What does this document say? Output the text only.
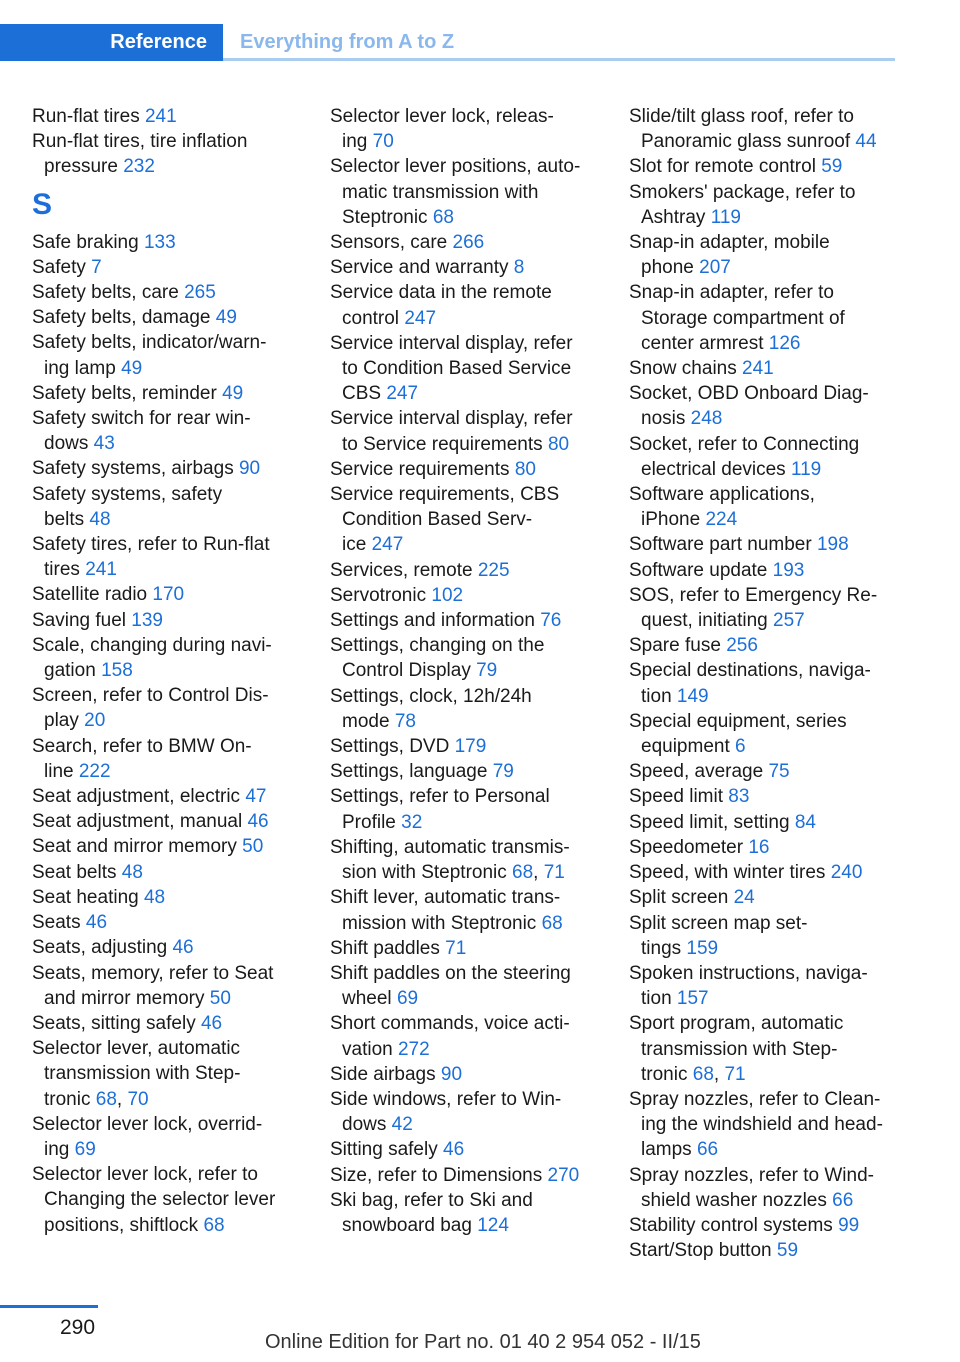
Reference	Everything from A to Z
Run-flat tires 241
Run-flat tires, tire inflation
pressure 232
S
Safe braking 133
Safety 7
Safety belts, care 265
Safety belts, damage 49
Safety belts, indicator/warn-
ing lamp 49
Safety belts, reminder 49
Safety switch for rear win-
dows 43
Safety systems, airbags 90
Safety systems, safety
belts 48
Safety tires, refer to Run-flat
tires 241
Satellite radio 170
Saving fuel 139
Scale, changing during navi-
gation 158
Screen, refer to Control Dis-
play 20
Search, refer to BMW On-
line 222
Seat adjustment, electric 47
Seat adjustment, manual 46
Seat and mirror memory 50
Seat belts 48
Seat heating 48
Seats 46
Seats, adjusting 46
Seats, memory, refer to Seat
and mirror memory 50
Seats, sitting safely 46
Selector lever, automatic
transmission with Step-
tronic 68, 70
Selector lever lock, overrid-
ing 69
Selector lever lock, refer to
Changing the selector lever
positions, shiftlock 68
Selector lever lock, releas-
ing 70
Selector lever positions, auto-
matic transmission with
Steptronic 68
Sensors, care 266
Service and warranty 8
Service data in the remote
control 247
Service interval display, refer
to Condition Based Service
CBS 247
Service interval display, refer
to Service requirements 80
Service requirements 80
Service requirements, CBS
Condition Based Serv-
ice 247
Services, remote 225
Servotronic 102
Settings and information 76
Settings, changing on the
Control Display 79
Settings, clock, 12h/24h
mode 78
Settings, DVD 179
Settings, language 79
Settings, refer to Personal
Profile 32
Shifting, automatic transmis-
sion with Steptronic 68, 71
Shift lever, automatic trans-
mission with Steptronic 68
Shift paddles 71
Shift paddles on the steering
wheel 69
Short commands, voice acti-
vation 272
Side airbags 90
Side windows, refer to Win-
dows 42
Sitting safely 46
Size, refer to Dimensions 270
Ski bag, refer to Ski and
snowboard bag 124
Slide/tilt glass roof, refer to
Panoramic glass sunroof 44
Slot for remote control 59
Smokers' package, refer to
Ashtray 119
Snap-in adapter, mobile
phone 207
Snap-in adapter, refer to
Storage compartment of
center armrest 126
Snow chains 241
Socket, OBD Onboard Diag-
nosis 248
Socket, refer to Connecting
electrical devices 119
Software applications,
iPhone 224
Software part number 198
Software update 193
SOS, refer to Emergency Re-
quest, initiating 257
Spare fuse 256
Special destinations, naviga-
tion 149
Special equipment, series
equipment 6
Speed, average 75
Speed limit 83
Speed limit, setting 84
Speedometer 16
Speed, with winter tires 240
Split screen 24
Split screen map set-
tings 159
Spoken instructions, naviga-
tion 157
Sport program, automatic
transmission with Step-
tronic 68, 71
Spray nozzles, refer to Clean-
ing the windshield and head-
lamps 66
Spray nozzles, refer to Wind-
shield washer nozzles 66
Stability control systems 99
Start/Stop button 59
290
Online Edition for Part no. 01 40 2 954 052 - II/15
